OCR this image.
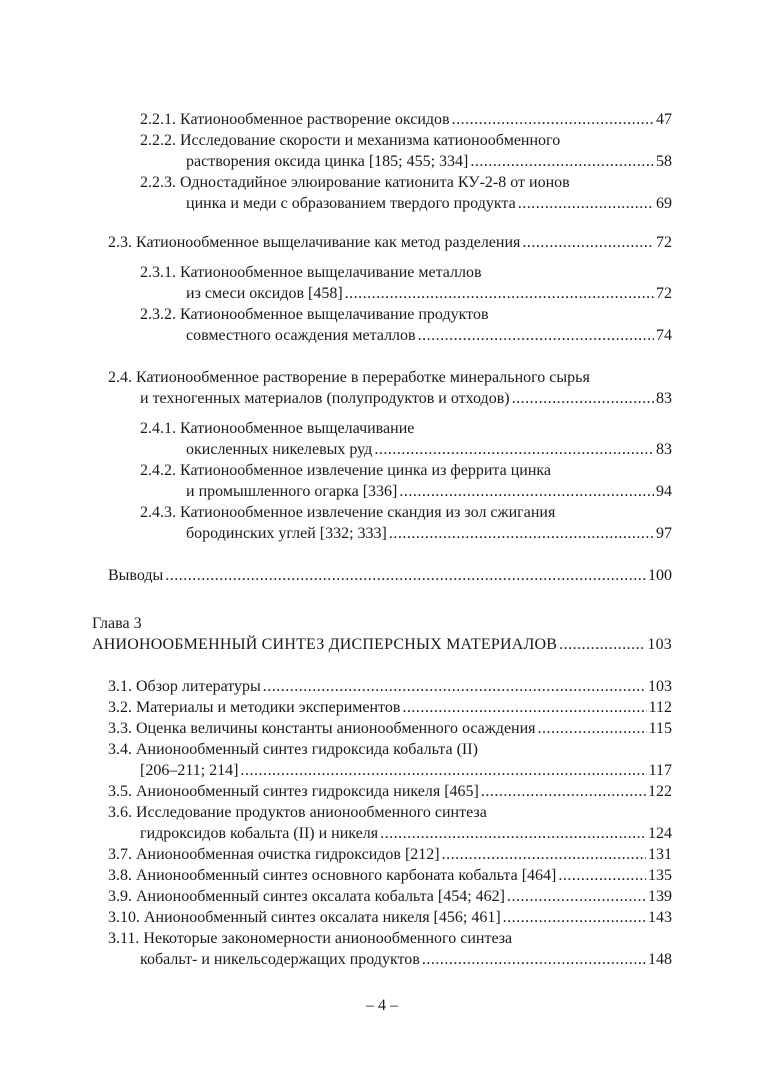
2.2.1. Катионообменное растворение оксидов .....	47
2.2.2. Исследование скорости и механизма катионообменного
растворения оксида цинка [185; 455; 334] .....	58
2.2.3. Одностадийное элюирование катионита КУ-2-8 от ионов
цинка и меди с образованием твердого продукта .....	69
2.3. Катионообменное выщелачивание как метод разделения .....	72
2.3.1. Катионообменное выщелачивание металлов
из смеси оксидов [458] .....	72
2.3.2. Катионообменное выщелачивание продуктов
совместного осаждения металлов .....	74
2.4. Катионообменное растворение в переработке минерального сырья
и техногенных материалов (полупродуктов и отходов) .....	83
2.4.1. Катионообменное выщелачивание
окисленных никелевых руд .....	83
2.4.2. Катионообменное извлечение цинка из феррита цинка
и промышленного огарка [336] .....	94
2.4.3. Катионообменное извлечение скандия из зол сжигания
бородинских углей [332; 333] .....	97
Выводы .....	100
Глава 3
АНИОНООБМЕННЫЙ СИНТЕЗ ДИСПЕРСНЫХ МАТЕРИАЛОВ .....	103
3.1. Обзор литературы .....	103
3.2. Материалы и методики экспериментов .....	112
3.3. Оценка величины константы анионообменного осаждения .....	115
3.4. Анионообменный синтез гидроксида кобальта (II)
[206–211; 214] .....	117
3.5. Анионообменный синтез гидроксида никеля [465] .....	122
3.6. Исследование продуктов анионообменного синтеза
гидроксидов кобальта (II) и никеля .....	124
3.7. Анионообменная очистка гидроксидов [212] .....	131
3.8. Анионообменный синтез основного карбоната кобальта [464] .....	135
3.9. Анионообменный синтез оксалата кобальта [454; 462] .....	139
3.10. Анионообменный синтез оксалата никеля [456; 461] .....	143
3.11. Некоторые закономерности анионообменного синтеза
кобальт- и никельсодержащих продуктов .....	148
– 4 –
